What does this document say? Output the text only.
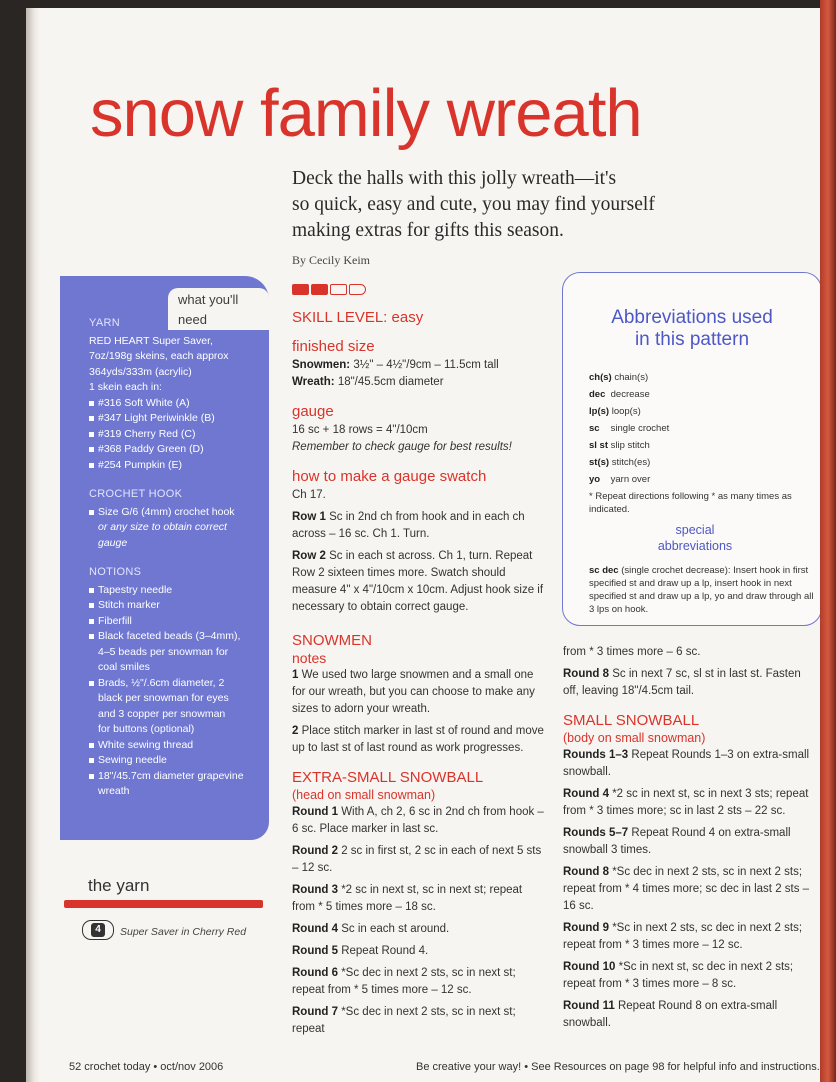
snow family wreath

Deck the halls with this jolly wreath—it's

so quick, easy and cute, you may find yourself

making extras for gifts this season.

By Cecily Keim
what you'll need
YARN
RED HEART Super Saver,
7oz/198g skeins, each approx
364yds/333m (acrylic)
1 skein each in:
#316 Soft White (A)
#347 Light Periwinkle (B)
#319 Cherry Red (C)
#368 Paddy Green (D)
#254 Pumpkin (E)
CROCHET HOOK
Size G/6 (4mm) crochet hook
or any size to obtain correct
gauge
NOTIONS
Tapestry needle
Stitch marker
Fiberfill
Black faceted beads (3–4mm),
4–5 beads per snowman for
coal smiles
Brads, ½"/.6cm diameter, 2
black per snowman for eyes
and 3 copper per snowman
for buttons (optional)
White sewing thread
Sewing needle
18"/45.7cm diameter grapevine
wreath
the yarn
4	Super Saver in Cherry Red
SKILL LEVEL: easy
finished size

Snowmen: 3½" – 4½"/9cm – 11.5cm tall

Wreath: 18"/45.5cm diameter

gauge

16 sc + 18 rows = 4"/10cm

Remember to check gauge for best results!

how to make a gauge swatch

Ch 17.

Row 1 Sc in 2nd ch from hook and in each ch across – 16 sc. Ch 1. Turn.

Row 2 Sc in each st across. Ch 1, turn. Repeat Row 2 sixteen times more. Swatch should measure 4" x 4"/10cm x 10cm. Adjust hook size if necessary to obtain correct gauge.

SNOWMEN
notes

1 We used two large snowmen and a small one for our wreath, but you can choose to make any sizes to adorn your wreath.

2 Place stitch marker in last st of round and move up to last st of last round as work progresses.

EXTRA-SMALL SNOWBALL
(head on small snowman)

Round 1 With A, ch 2, 6 sc in 2nd ch from hook – 6 sc. Place marker in last sc.

Round 2 2 sc in first st, 2 sc in each of next 5 sts – 12 sc.

Round 3 *2 sc in next st, sc in next st; repeat from * 5 times more – 18 sc.

Round 4 Sc in each st around.

Round 5 Repeat Round 4.

Round 6 *Sc dec in next 2 sts, sc in next st; repeat from * 5 times more – 12 sc.

Round 7 *Sc dec in next 2 sts, sc in next st; repeat

Abbreviations used
in this pattern
ch(s) chain(s)
dec decrease
lp(s) loop(s)
sc single crochet
sl st slip stitch
st(s) stitch(es)
yo yarn over
* Repeat directions following * as many times as indicated.
special
abbreviations
sc dec (single crochet decrease): Insert hook in first specified st and draw up a lp, insert hook in next specified st and draw up a lp, yo and draw through all 3 lps on hook.

from * 3 times more – 6 sc.

Round 8 Sc in next 7 sc, sl st in last st. Fasten off, leaving 18"/4.5cm tail.

SMALL SNOWBALL
(body on small snowman)

Rounds 1–3 Repeat Rounds 1–3 on extra-small snowball.

Round 4 *2 sc in next st, sc in next 3 sts; repeat from * 3 times more; sc in last 2 sts – 22 sc.

Rounds 5–7 Repeat Round 4 on extra-small snowball 3 times.

Round 8 *Sc dec in next 2 sts, sc in next 2 sts; repeat from * 4 times more; sc dec in last 2 sts – 16 sc.

Round 9 *Sc in next 2 sts, sc dec in next 2 sts; repeat from * 3 times more – 12 sc.

Round 10 *Sc in next st, sc dec in next 2 sts; repeat from * 3 times more – 8 sc.

Round 11 Repeat Round 8 on extra-small snowball.

52 crochet today • oct/nov 2006	Be creative your way! • See Resources on page 98 for helpful info and instructions.
